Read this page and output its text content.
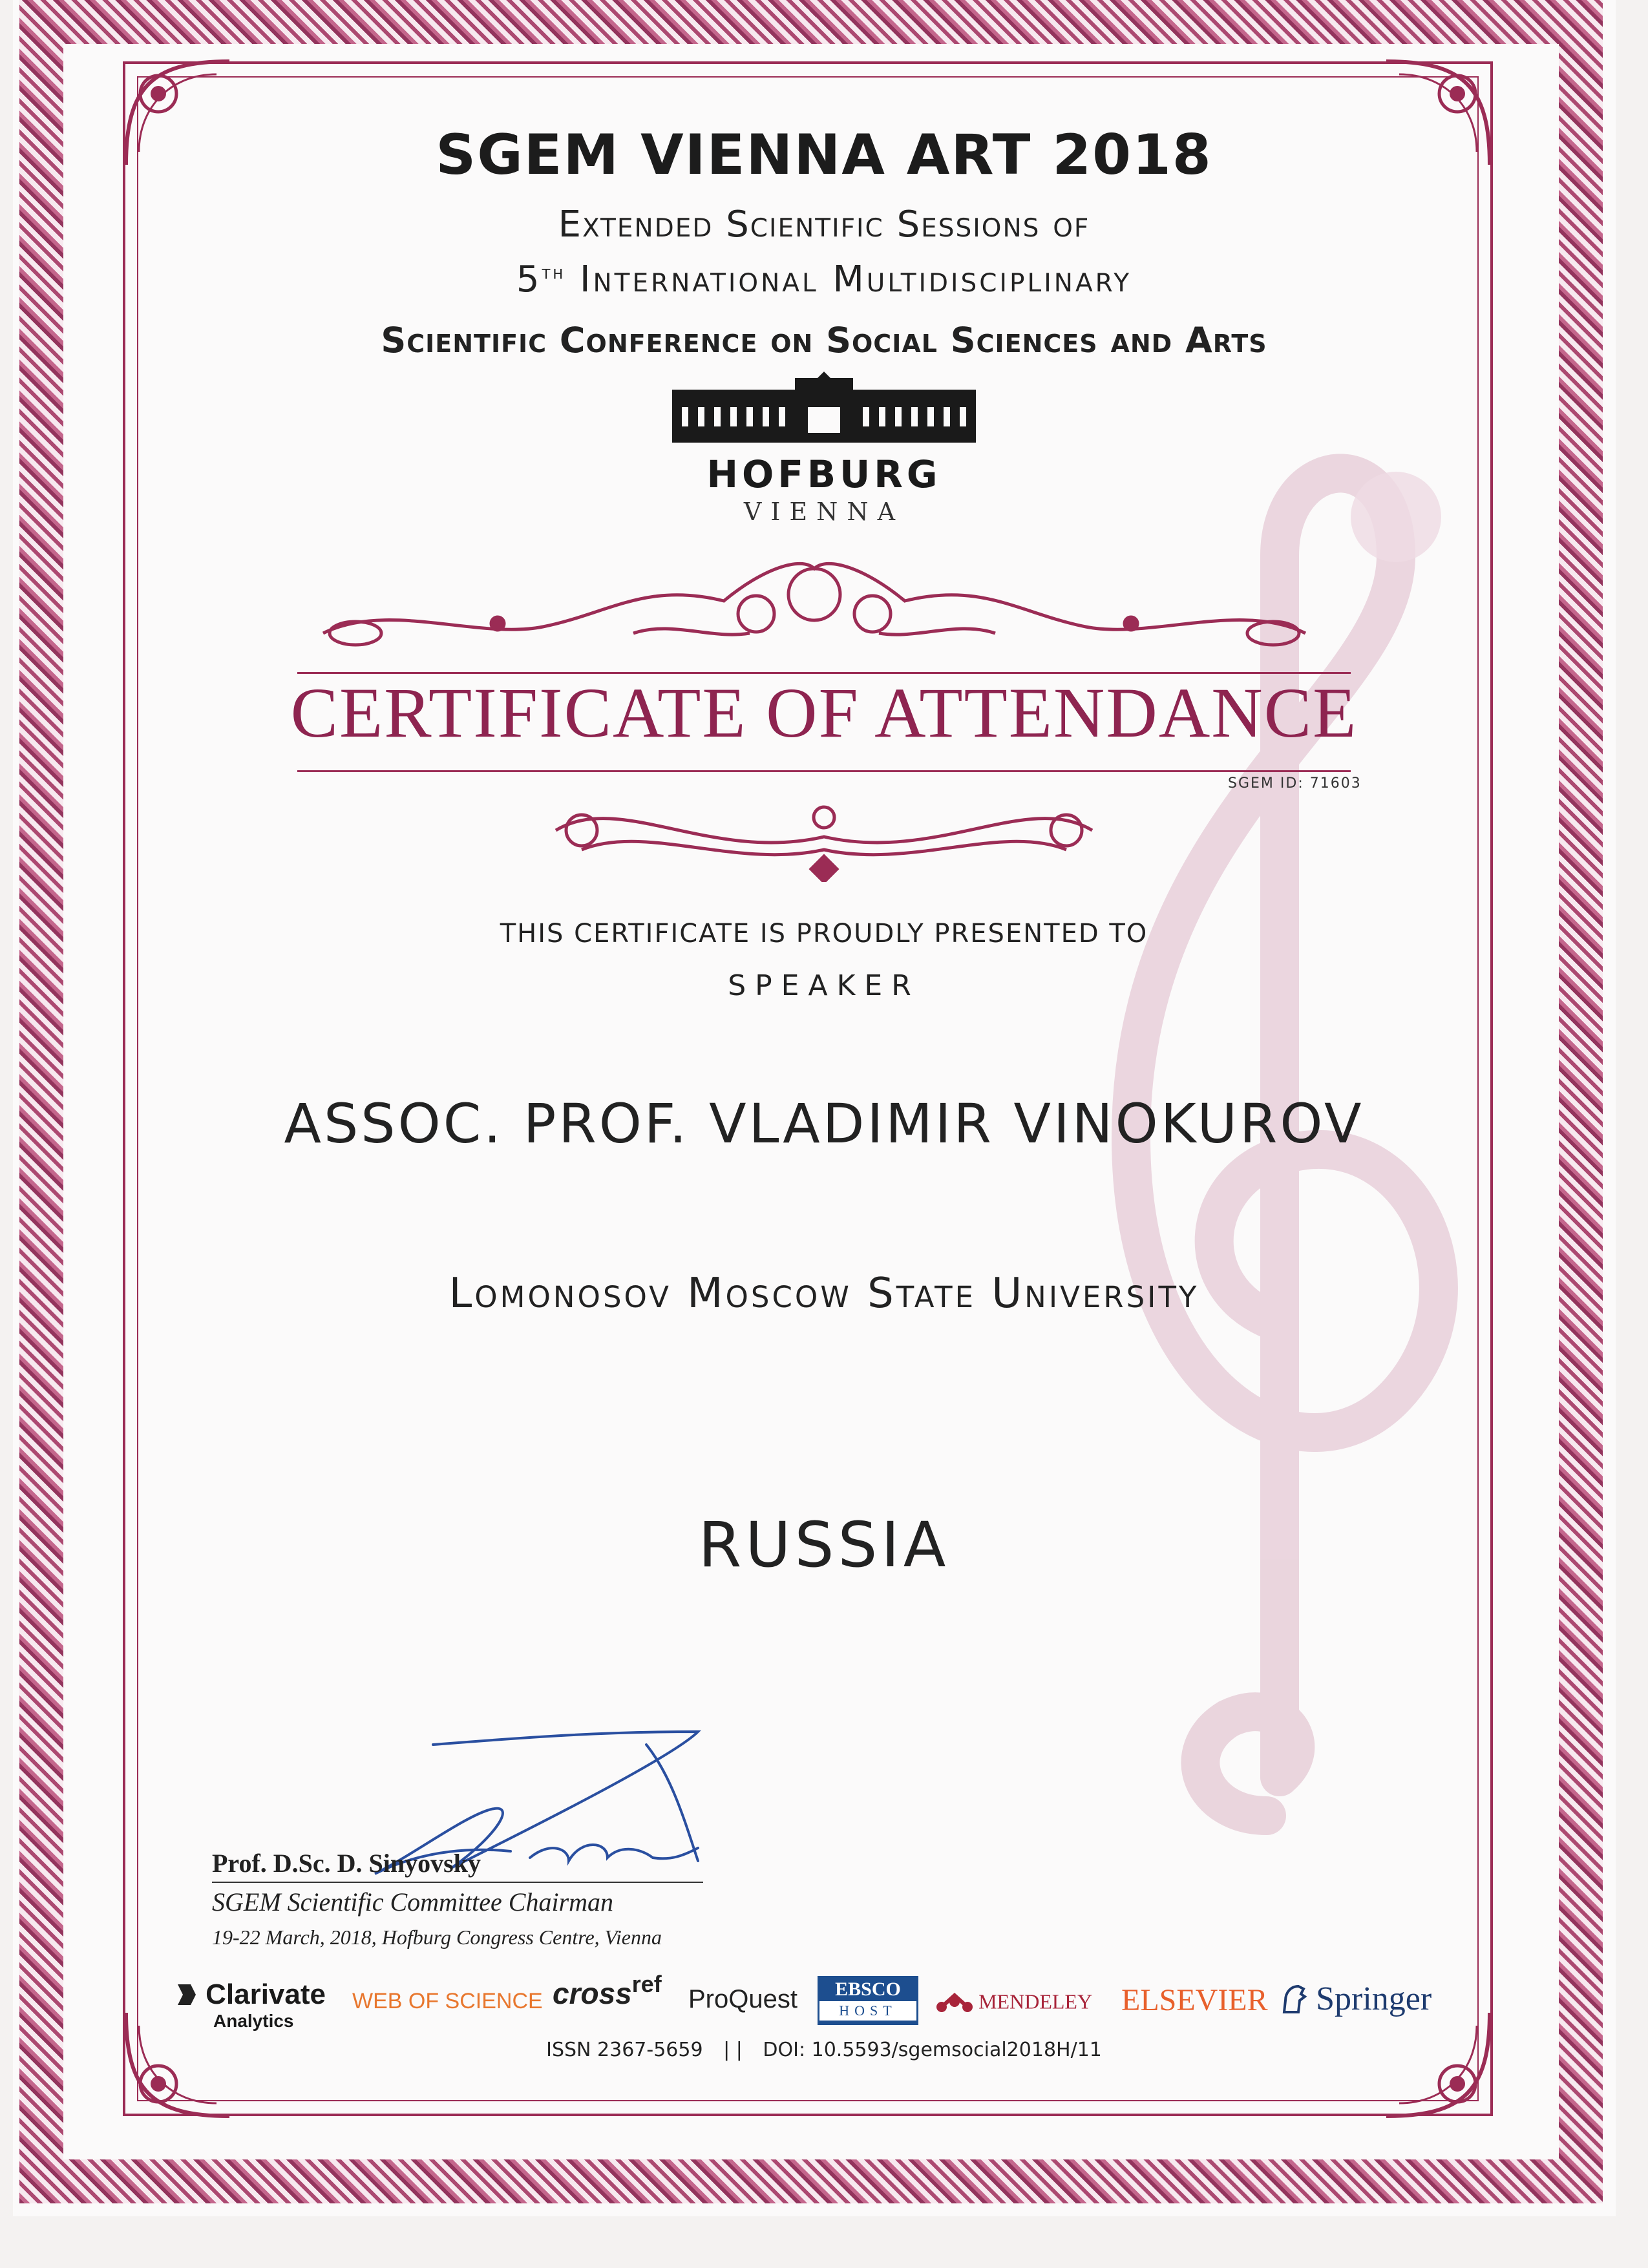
SGEM VIENNA ART 2018
Extended Scientific Sessions of
5th International Multidisciplinary
Scientific Conference on Social Sciences and Arts
HOFBURG
VIENNA
CERTIFICATE OF ATTENDANCE
SGEM ID: 71603
THIS CERTIFICATE IS PROUDLY PRESENTED TO
SPEAKER
ASSOC. PROF. VLADIMIR VINOKUROV
Lomonosov Moscow State University
RUSSIA
Prof. D.Sc. D. Sinyovsky
SGEM Scientific Committee Chairman
19-22 March, 2018, Hofburg Congress Centre, Vienna
Clarivate
Analytics
WEB OF SCIENCE crossref
ProQuest	EBSCO
HOST	MENDELEY ELSEVIER	Springer
ISSN 2367-5659 | | DOI: 10.5593/sgemsocial2018H/11
